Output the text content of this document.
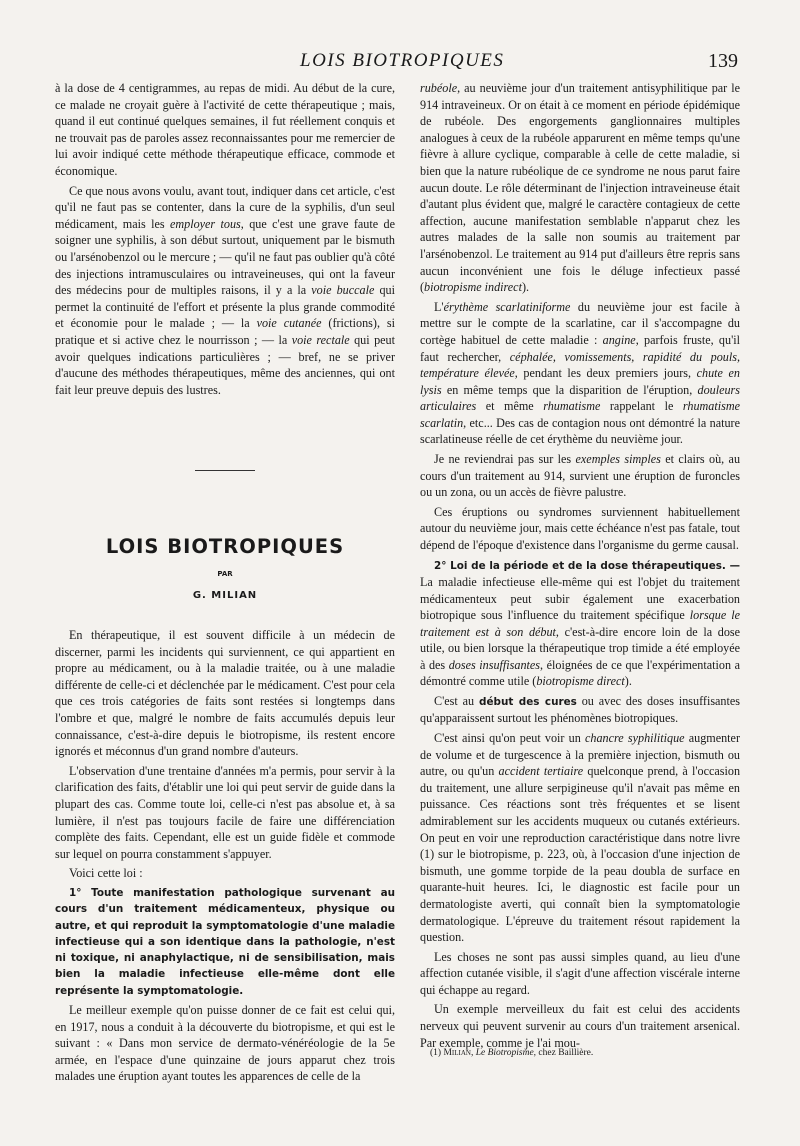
LOIS BIOTROPIQUES	139

à la dose de 4 centigrammes, au repas de midi. Au début de la cure, ce malade ne croyait guère à l'activité de cette thérapeutique ; mais, quand il eut continué quelques semaines, il fut réellement conquis et ne trouvait pas de paroles assez reconnaissantes pour me remercier de lui avoir indiqué cette méthode thérapeutique efficace, commode et économique.

Ce que nous avons voulu, avant tout, indiquer dans cet article, c'est qu'il ne faut pas se contenter, dans la cure de la syphilis, d'un seul médicament, mais les employer tous, que c'est une grave faute de soigner une syphilis, à son début surtout, uniquement par le bismuth ou l'arsénobenzol ou le mercure ; — qu'il ne faut pas oublier qu'à côté des injections intramusculaires ou intraveineuses, qui ont la faveur des médecins pour de multiples raisons, il y a la voie buccale qui permet la continuité de l'effort et présente la plus grande commodité et économie pour le malade ; — la voie cutanée (frictions), si pratique et si active chez le nourrisson ; — la voie rectale qui peut avoir quelques indications particulières ; — bref, ne se priver d'aucune des méthodes thérapeutiques, même des anciennes, qui ont fait leur preuve depuis des lustres.

LOIS BIOTROPIQUES
PAR
G. MILIAN

En thérapeutique, il est souvent difficile à un médecin de discerner, parmi les incidents qui surviennent, ce qui appartient en propre au médicament, ou à la maladie traitée, ou à une maladie différente de celle-ci et déclenchée par le médicament. C'est pour cela que ces trois catégories de faits sont restées si longtemps dans l'ombre et que, malgré le nombre de faits accumulés depuis leur connaissance, c'est-à-dire depuis le biotropisme, ils restent encore ignorés et méconnus d'un grand nombre d'auteurs.

L'observation d'une trentaine d'années m'a permis, pour servir à la clarification des faits, d'établir une loi qui peut servir de guide dans la plupart des cas. Comme toute loi, celle-ci n'est pas absolue et, à sa lumière, il n'est pas toujours facile de faire une différenciation complète des faits. Cependant, elle est un guide fidèle et commode sur lequel on pourra constamment s'appuyer.

Voici cette loi :

1° Toute manifestation pathologique survenant au cours d'un traitement médicamenteux, physique ou autre, et qui reproduit la symptomatologie d'une maladie infectieuse qui a son identique dans la pathologie, n'est ni toxique, ni anaphylactique, ni de sensibilisation, mais bien la maladie infectieuse elle-même dont elle représente la symptomatologie.

Le meilleur exemple qu'on puisse donner de ce fait est celui qui, en 1917, nous a conduit à la découverte du biotropisme, et qui est le suivant : « Dans mon service de dermato-vénéréologie de la 5e armée, en l'espace d'une quinzaine de jours apparut chez trois malades une éruption ayant toutes les apparences de celle de la

rubéole, au neuvième jour d'un traitement antisyphilitique par le 914 intraveineux. Or on était à ce moment en période épidémique de rubéole. Des engorgements ganglionnaires multiples analogues à ceux de la rubéole apparurent en même temps qu'une fièvre à allure cyclique, comparable à celle de cette maladie, si bien que la nature rubéolique de ce syndrome ne nous parut faire aucun doute. Le rôle déterminant de l'injection intraveineuse était d'autant plus évident que, malgré le caractère contagieux de cette affection, aucune manifestation semblable n'apparut chez les autres malades de la salle non soumis au traitement par l'arsénobenzol. Le traitement au 914 put d'ailleurs être repris sans aucun inconvénient une fois le déluge infectieux passé (biotropisme indirect).

L'érythème scarlatiniforme du neuvième jour est facile à mettre sur le compte de la scarlatine, car il s'accompagne du cortège habituel de cette maladie : angine, parfois fruste, qu'il faut rechercher, céphalée, vomissements, rapidité du pouls, température élevée, pendant les deux premiers jours, chute en lysis en même temps que la disparition de l'éruption, douleurs articulaires et même rhumatisme rappelant le rhumatisme scarlatin, etc... Des cas de contagion nous ont démontré la nature scarlatineuse réelle de cet érythème du neuvième jour.

Je ne reviendrai pas sur les exemples simples et clairs où, au cours d'un traitement au 914, survient une éruption de furoncles ou un zona, ou un accès de fièvre palustre.

Ces éruptions ou syndromes surviennent habituellement autour du neuvième jour, mais cette échéance n'est pas fatale, tout dépend de l'époque d'existence dans l'organisme du germe causal.

2° Loi de la période et de la dose thérapeutiques. — La maladie infectieuse elle-même qui est l'objet du traitement médicamenteux peut subir également une exacerbation biotropique sous l'influence du traitement spécifique lorsque le traitement est à son début, c'est-à-dire encore loin de la dose utile, ou bien lorsque la thérapeutique trop timide a été employée à des doses insuffisantes, éloignées de ce que l'expérimentation a démontré comme utile (biotropisme direct).

C'est au début des cures ou avec des doses insuffisantes qu'apparaissent surtout les phénomènes biotropiques.

C'est ainsi qu'on peut voir un chancre syphilitique augmenter de volume et de turgescence à la première injection, bismuth ou autre, ou qu'un accident tertiaire quelconque prend, à l'occasion du traitement, une allure serpigineuse qu'il n'avait pas même en puissance. Ces réactions sont très fréquentes et se lisent admirablement sur les accidents muqueux ou cutanés extérieurs. On peut en voir une reproduction caractéristique dans notre livre (1) sur le biotropisme, p. 223, où, à l'occasion d'une injection de bismuth, une gomme torpide de la peau doubla de surface en quarante-huit heures. Ici, le diagnostic est facile pour un dermatologiste averti, qui connaît bien la symptomatologie dermatologique. L'épreuve du traitement résout rapidement la question.

Les choses ne sont pas aussi simples quand, au lieu d'une affection cutanée visible, il s'agit d'une affection viscérale interne qui échappe au regard.

Un exemple merveilleux du fait est celui des accidents nerveux qui peuvent survenir au cours d'un traitement arsenical. Par exemple, comme je l'ai mou-

(1) Milian, Le Biotropisme, chez Baillière.
